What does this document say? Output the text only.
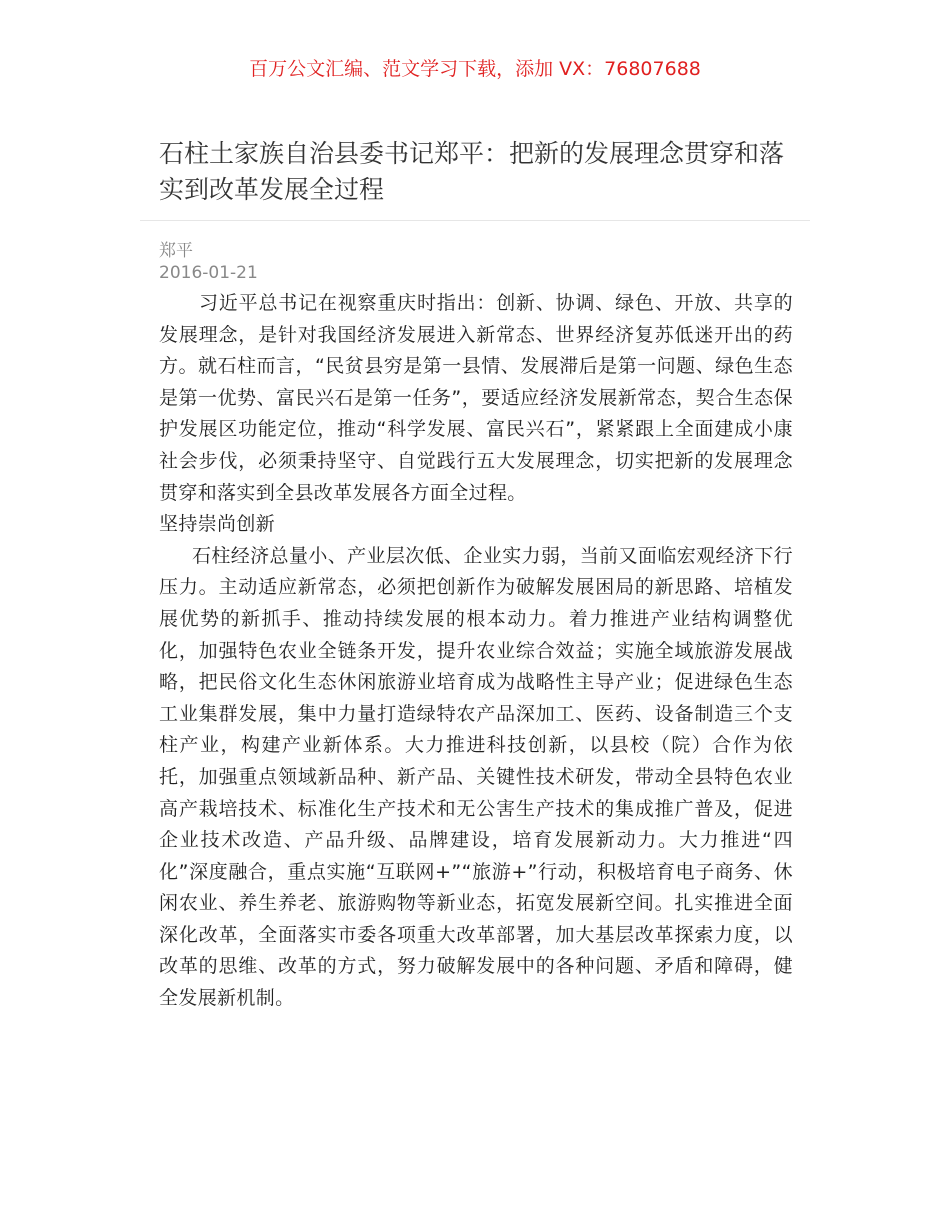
百万公文汇编、范文学习下载，添加 VX：76807688
石柱土家族自治县委书记郑平：把新的发展理念贯穿和落实到改革发展全过程
郑平
2016-01-21

习近平总书记在视察重庆时指出：创新、协调、绿色、开放、共享的发展理念，是针对我国经济发展进入新常态、世界经济复苏低迷开出的药方。就石柱而言，“民贫县穷是第一县情、发展滞后是第一问题、绿色生态是第一优势、富民兴石是第一任务”，要适应经济发展新常态，契合生态保护发展区功能定位，推动“科学发展、富民兴石”，紧紧跟上全面建成小康社会步伐，必须秉持坚守、自觉践行五大发展理念，切实把新的发展理念贯穿和落实到全县改革发展各方面全过程。

坚持崇尚创新

石柱经济总量小、产业层次低、企业实力弱，当前又面临宏观经济下行压力。主动适应新常态，必须把创新作为破解发展困局的新思路、培植发展优势的新抓手、推动持续发展的根本动力。着力推进产业结构调整优化，加强特色农业全链条开发，提升农业综合效益；实施全域旅游发展战略，把民俗文化生态休闲旅游业培育成为战略性主导产业；促进绿色生态工业集群发展，集中力量打造绿特农产品深加工、医药、设备制造三个支柱产业，构建产业新体系。大力推进科技创新，以县校（院）合作为依托，加强重点领域新品种、新产品、关键性技术研发，带动全县特色农业高产栽培技术、标准化生产技术和无公害生产技术的集成推广普及，促进企业技术改造、产品升级、品牌建设，培育发展新动力。大力推进“四化”深度融合，重点实施“互联网+”“旅游+”行动，积极培育电子商务、休闲农业、养生养老、旅游购物等新业态，拓宽发展新空间。扎实推进全面深化改革，全面落实市委各项重大改革部署，加大基层改革探索力度，以改革的思维、改革的方式，努力破解发展中的各种问题、矛盾和障碍，健全发展新机制。
